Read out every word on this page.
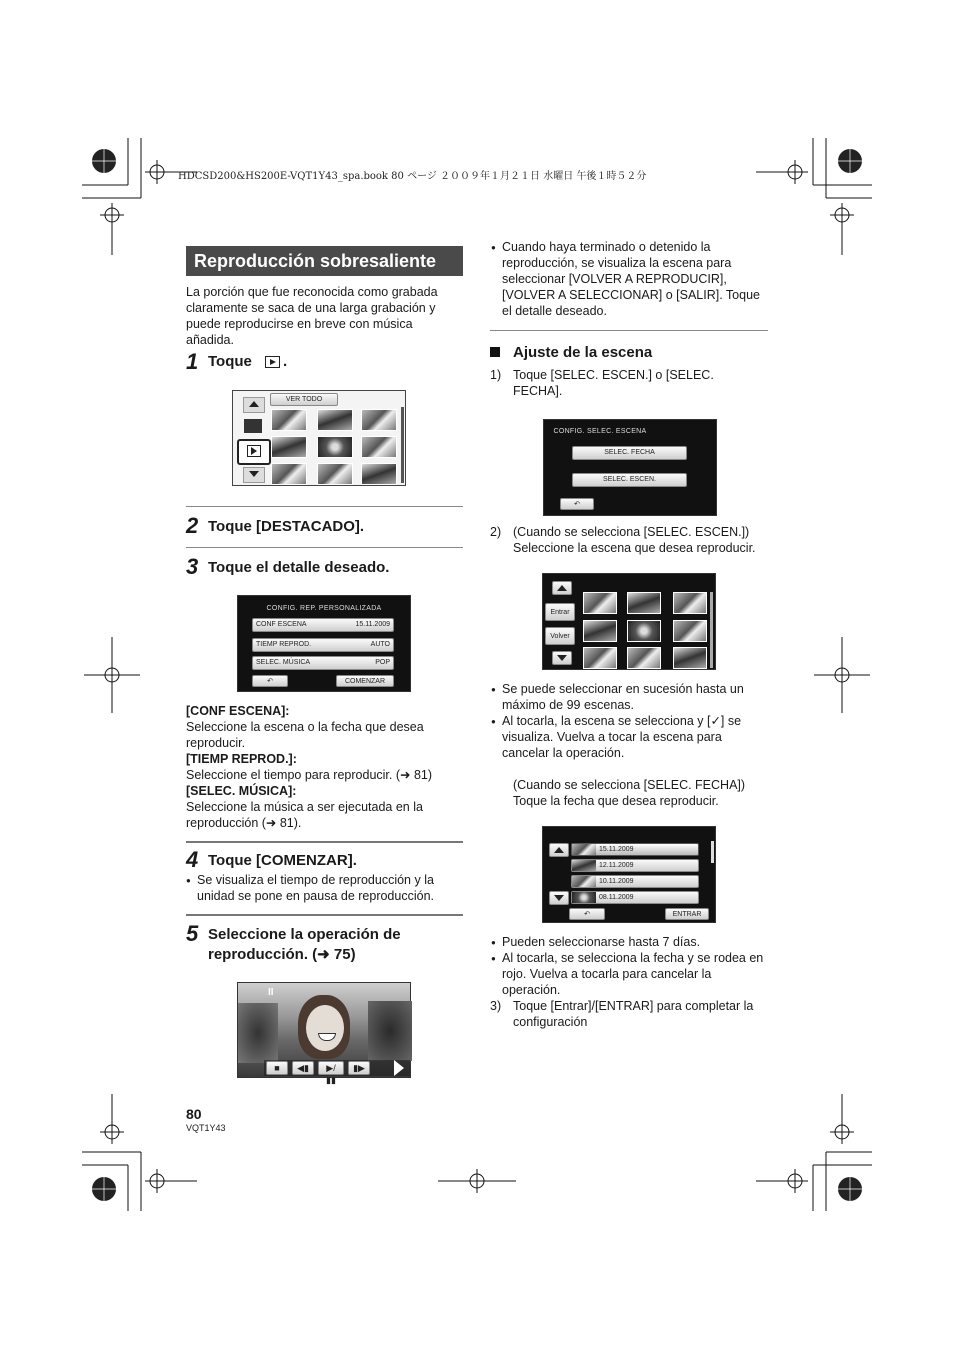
HDCSD200&HS200E-VQT1Y43_spa.book 80 ページ ２００９年１月２１日 水曜日 午後１時５２分
Reproducción sobresaliente
La porción que fue reconocida como grabada claramente se saca de una larga grabación y puede reproducirse en breve con música añadida.
1 Toque .
VER TODO
2 Toque [DESTACADO].
3 Toque el detalle deseado.
CONFIG. REP. PERSONALIZADA
CONF ESCENA	15.11.2009
TIEMP REPROD.	AUTO
SELEC. MÚSICA	POP
↶	COMENZAR
[CONF ESCENA]:
Seleccione la escena o la fecha que desea reproducir.
[TIEMP REPROD.]:
Seleccione el tiempo para reproducir. (➜ 81)
[SELEC. MÚSICA]:
Seleccione la música a ser ejecutada en la reproducción (➜ 81).
4 Toque [COMENZAR].
● Se visualiza el tiempo de reproducción y la unidad se pone en pausa de reproducción.
5 Seleccione la operación de reproducción. (➜ 75)
II
■	◀▮	▶/▮▮
▮▶
80
VQT1Y43
● Cuando haya terminado o detenido la reproducción, se visualiza la escena para seleccionar [VOLVER A REPRODUCIR], [VOLVER A SELECCIONAR] o [SALIR]. Toque el detalle deseado.
Ajuste de la escena
1) Toque [SELEC. ESCEN.] o [SELEC. FECHA].
CONFIG. SELEC. ESCENA
SELEC. FECHA
SELEC. ESCEN.
↶
2) (Cuando se selecciona [SELEC. ESCEN.]) Seleccione la escena que desea reproducir.
Entrar
Volver
● Se puede seleccionar en sucesión hasta un máximo de 99 escenas.
● Al tocarla, la escena se selecciona y [✓] se visualiza. Vuelva a tocar la escena para cancelar la operación.
(Cuando se selecciona [SELEC. FECHA]) Toque la fecha que desea reproducir.
15.11.2009
12.11.2009
10.11.2009
08.11.2009
↶	ENTRAR
● Pueden seleccionarse hasta 7 días.
● Al tocarla, se selecciona la fecha y se rodea en rojo. Vuelva a tocarla para cancelar la operación.
3) Toque [Entrar]/[ENTRAR] para completar la configuración
